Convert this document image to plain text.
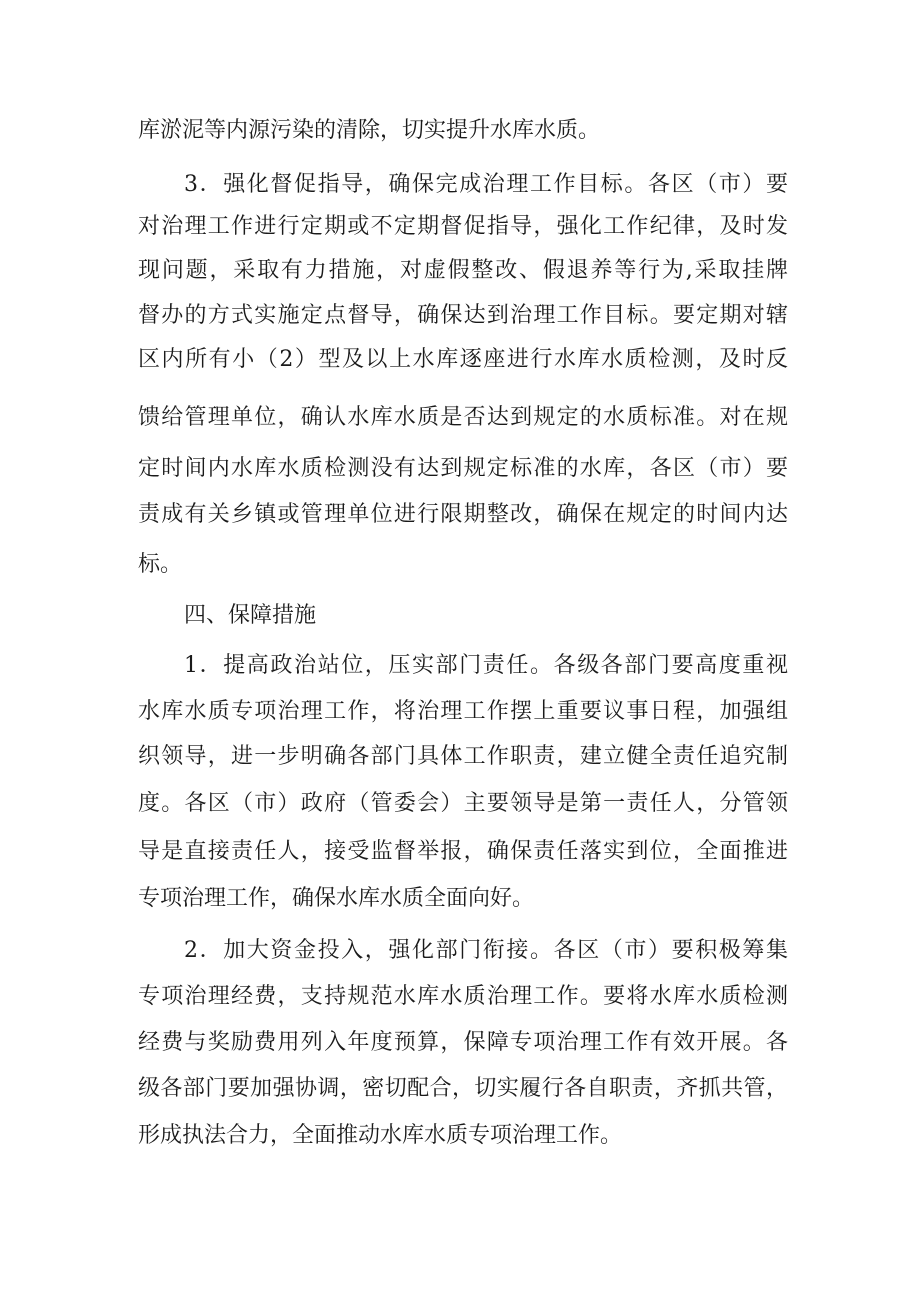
库淤泥等内源污染的清除，切实提升水库水质。
3．强化督促指导，确保完成治理工作目标。各区（市）要
对治理工作进行定期或不定期督促指导，强化工作纪律，及时发
现问题，采取有力措施，对虚假整改、假退养等行为,采取挂牌
督办的方式实施定点督导，确保达到治理工作目标。要定期对辖
区内所有小（2）型及以上水库逐座进行水库水质检测，及时反
馈给管理单位，确认水库水质是否达到规定的水质标准。对在规
定时间内水库水质检测没有达到规定标准的水库，各区（市）要
责成有关乡镇或管理单位进行限期整改，确保在规定的时间内达
标。
四、保障措施
1．提高政治站位，压实部门责任。各级各部门要高度重视
水库水质专项治理工作，将治理工作摆上重要议事日程，加强组
织领导，进一步明确各部门具体工作职责，建立健全责任追究制
度。各区（市）政府（管委会）主要领导是第一责任人，分管领
导是直接责任人，接受监督举报，确保责任落实到位，全面推进
专项治理工作，确保水库水质全面向好。
2．加大资金投入，强化部门衔接。各区（市）要积极筹集
专项治理经费，支持规范水库水质治理工作。要将水库水质检测
经费与奖励费用列入年度预算，保障专项治理工作有效开展。各
级各部门要加强协调，密切配合，切实履行各自职责，齐抓共管，
形成执法合力，全面推动水库水质专项治理工作。
